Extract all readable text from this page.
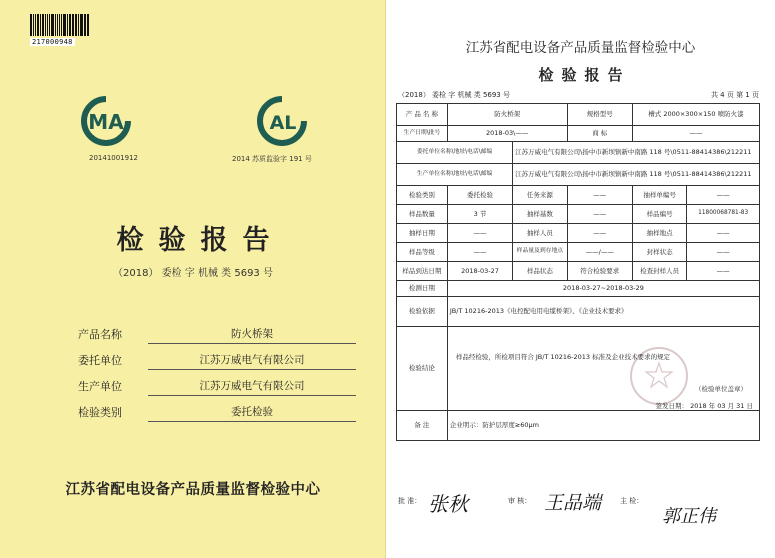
217000948
MA	AL
20141001912	2014 苏质监验字 191 号
检验报告
（2018） 委检 字 机械 类 5693 号
产品名称	防火桥架
委托单位	江苏万威电气有限公司
生产单位	江苏万威电气有限公司
检验类别	委托检验
江苏省配电设备产品质量监督检验中心
江苏省配电设备产品质量监督检验中心
检验报告
（2018） 委检 字 机械 类 5693 号	共 4 页 第 1 页
产 品 名 称	防火桥架		规格型号	槽式 2000×300×150 喷防火漆	
生产日期\批号	2018-03\——		商 标	——	
委托单位名称\地址\电话\邮编		江苏万威电气有限公司\扬中市新坝镇新中南路 118 号\0511-88414386\212211			
生产单位名称\地址\电话\邮编		江苏万威电气有限公司\扬中市新坝镇新中南路 118 号\0511-88414386\212211			
检验类别	委托检验	任务来源	——	抽样单编号	——
样品数量	3 节	抽样基数	——	样品编号	11800068781-83
抽样日期	——	抽样人员	——	抽样地点	——
样品等级	——	样品量及到存地点	——/——	封样状态	——
样品到达日期	2018-03-27	样品状态	符合检验要求	检查封样人员	——
检测日期	2018-03-27~2018-03-29				
检验依据	JB/T 10216-2013《电控配电用电缆桥架》、《企业技术要求》				
检验结论	样品经检验，所检项目符合 JB/T 10216-2013 标准及企业技术要求的规定
（检验单位盖章）
签发日期： 2018 年 03 月 31 日				

备 注	企业明示：防护层厚度≥60μm				
批 准： 张秋	审 核： 王品端	主 检：
郭正伟
